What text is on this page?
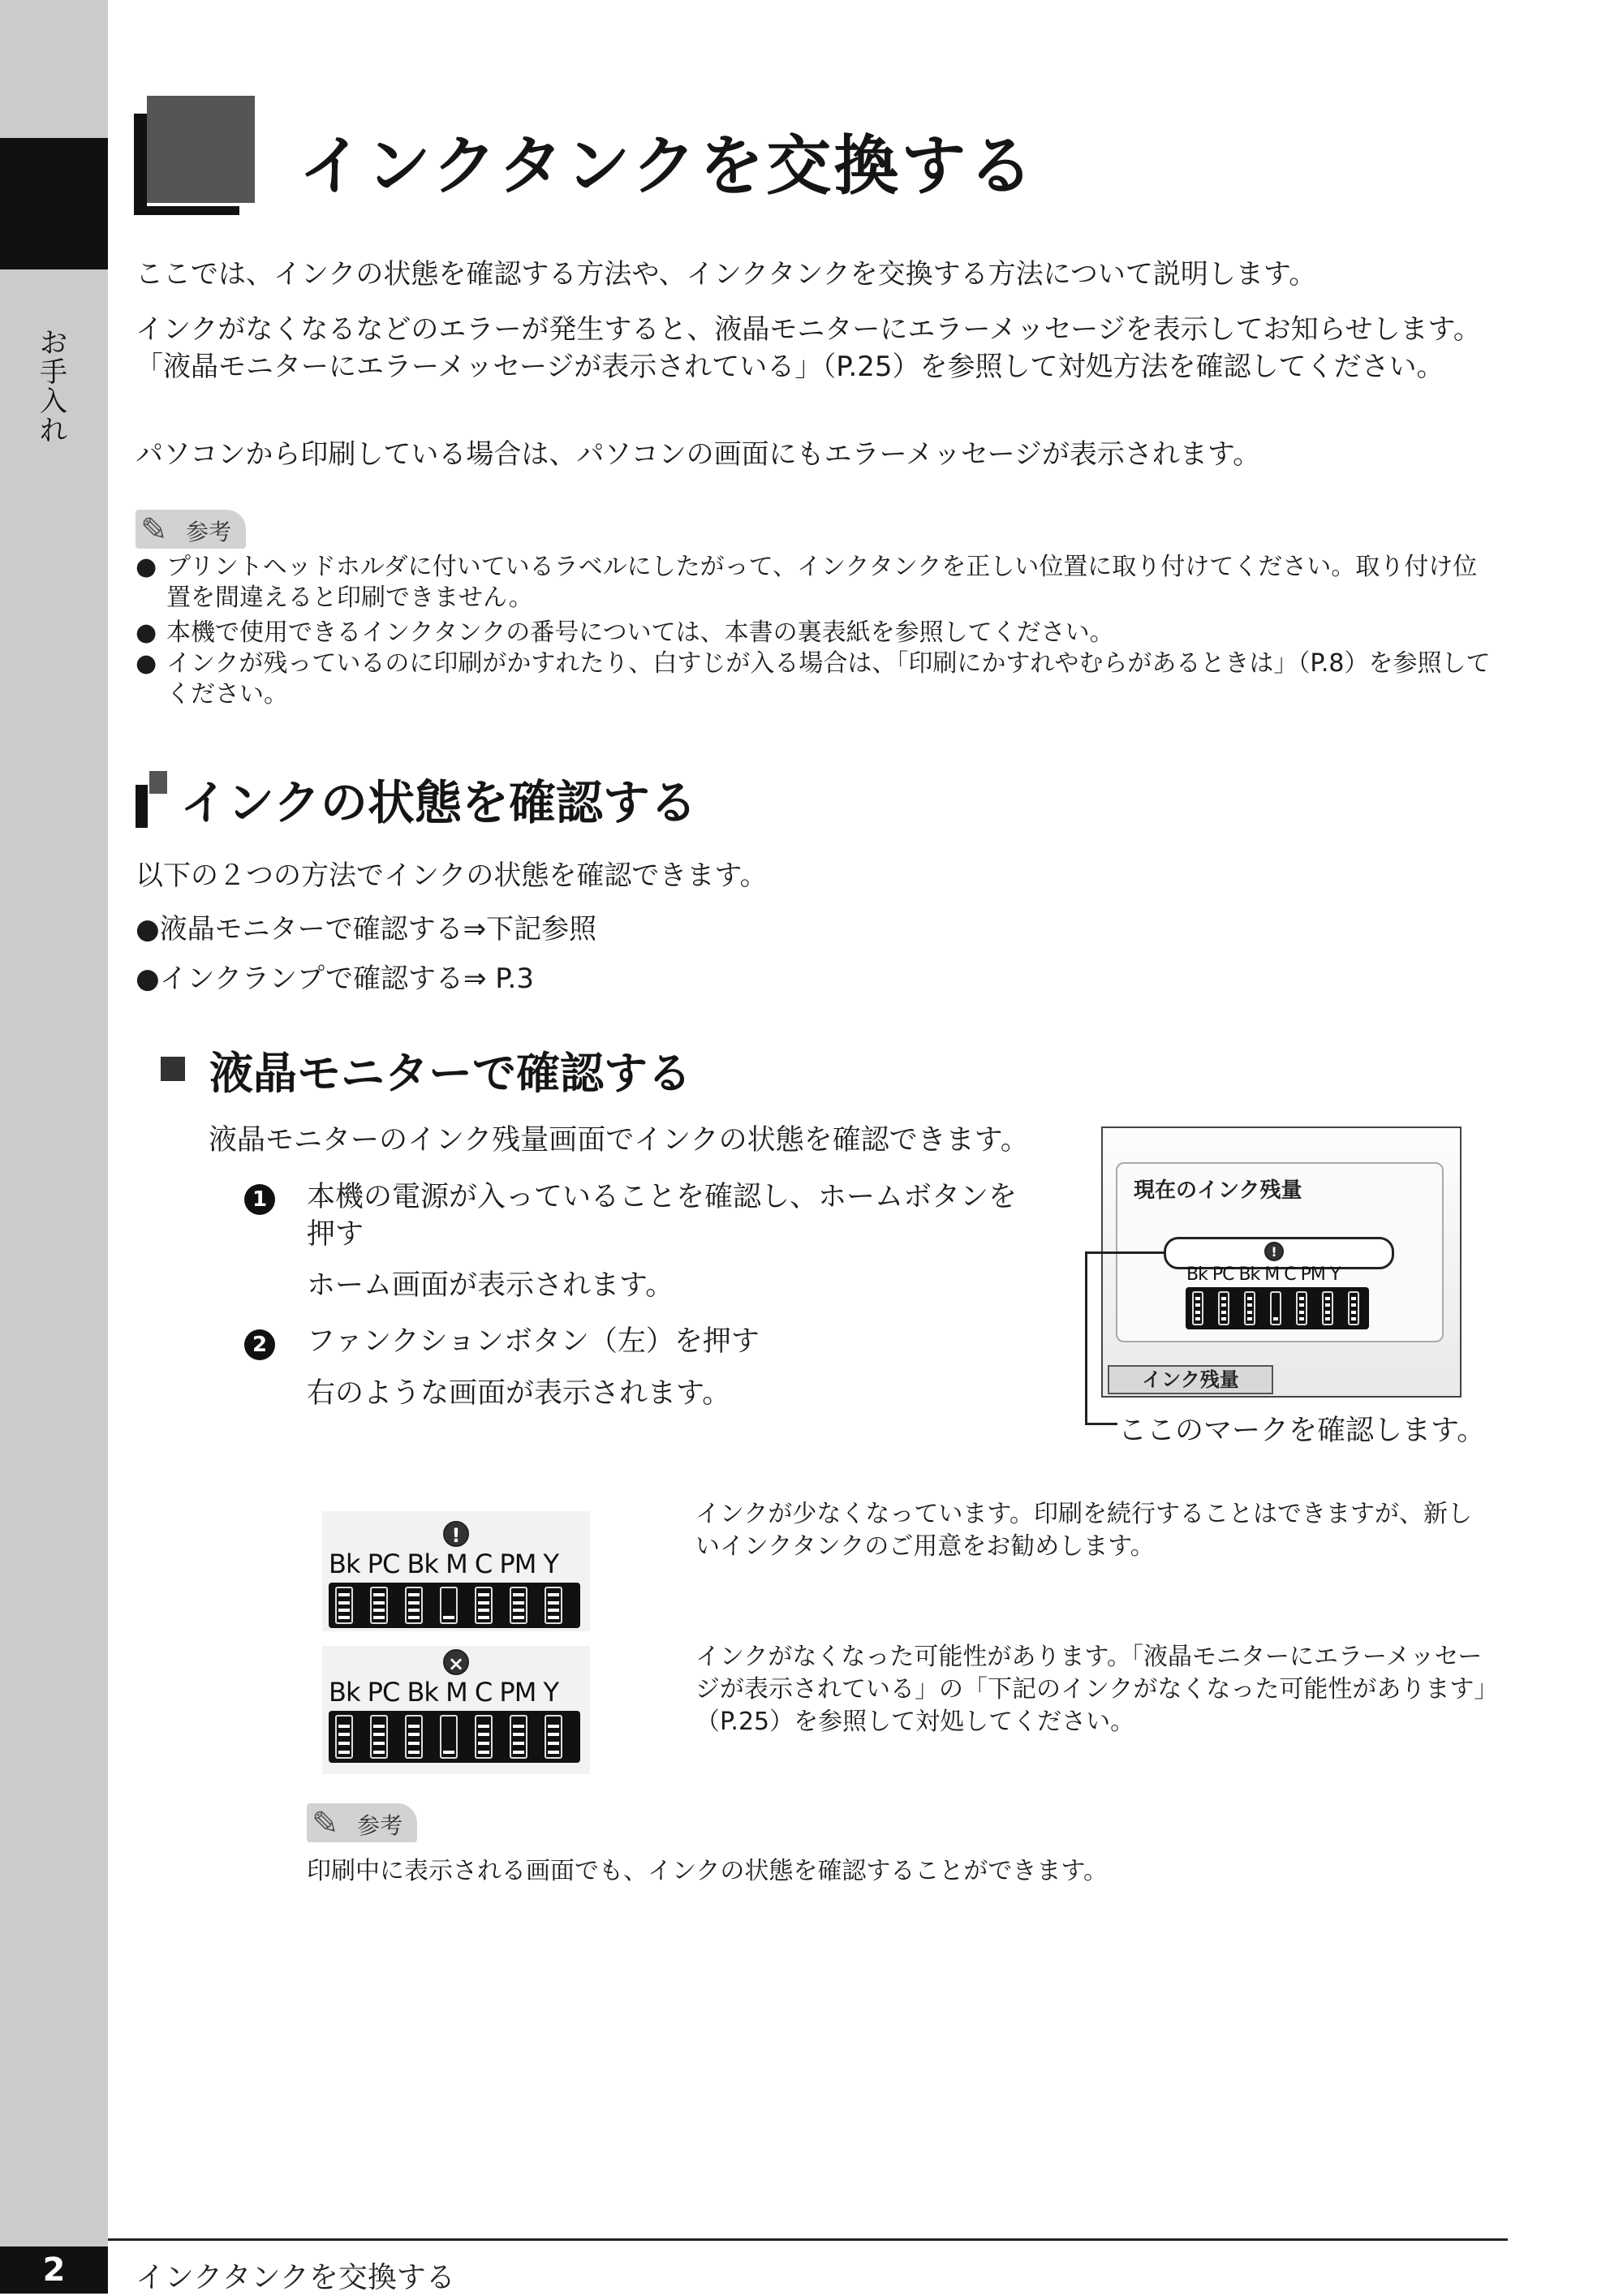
お
手
入
れ
インクタンクを交換する
ここでは、インクの状態を確認する方法や、インクタンクを交換する方法について説明します。
インクがなくなるなどのエラーが発生すると、液晶モニターにエラーメッセージを表示してお知らせします。「液晶モニターにエラーメッセージが表示されている」（P.25）を参照して対処方法を確認してください。
パソコンから印刷している場合は、パソコンの画面にもエラーメッセージが表示されます。
✎ 参考
● プリントヘッドホルダに付いているラベルにしたがって、インクタンクを正しい位置に取り付けてください。取り付け位置を間違えると印刷できません。
● 本機で使用できるインクタンクの番号については、本書の裏表紙を参照してください。
● インクが残っているのに印刷がかすれたり、白すじが入る場合は、「印刷にかすれやむらがあるときは」（P.8）を参照してください。
インクの状態を確認する
以下の２つの方法でインクの状態を確認できます。
●液晶モニターで確認する⇒下記参照
●インクランプで確認する⇒ P.3
液晶モニターで確認する
液晶モニターのインク残量画面でインクの状態を確認できます。
1 本機の電源が入っていることを確認し、ホームボタンを押す
ホーム画面が表示されます。
2 ファンクションボタン（左）を押す
右のような画面が表示されます。
現在のインク残量
!
Bk PC Bk M C PM Y
インク残量
ここのマークを確認します。
!
Bk PC Bk M C PM Y
インクが少なくなっています。印刷を続行することはできますが、新しいインクタンクのご用意をお勧めします。
×
Bk PC Bk M C PM Y
インクがなくなった可能性があります。「液晶モニターにエラーメッセージが表示されている」の「下記のインクがなくなった可能性があります」（P.25）を参照して対処してください。
✎ 参考
印刷中に表示される画面でも、インクの状態を確認することができます。
2	インクタンクを交換する
